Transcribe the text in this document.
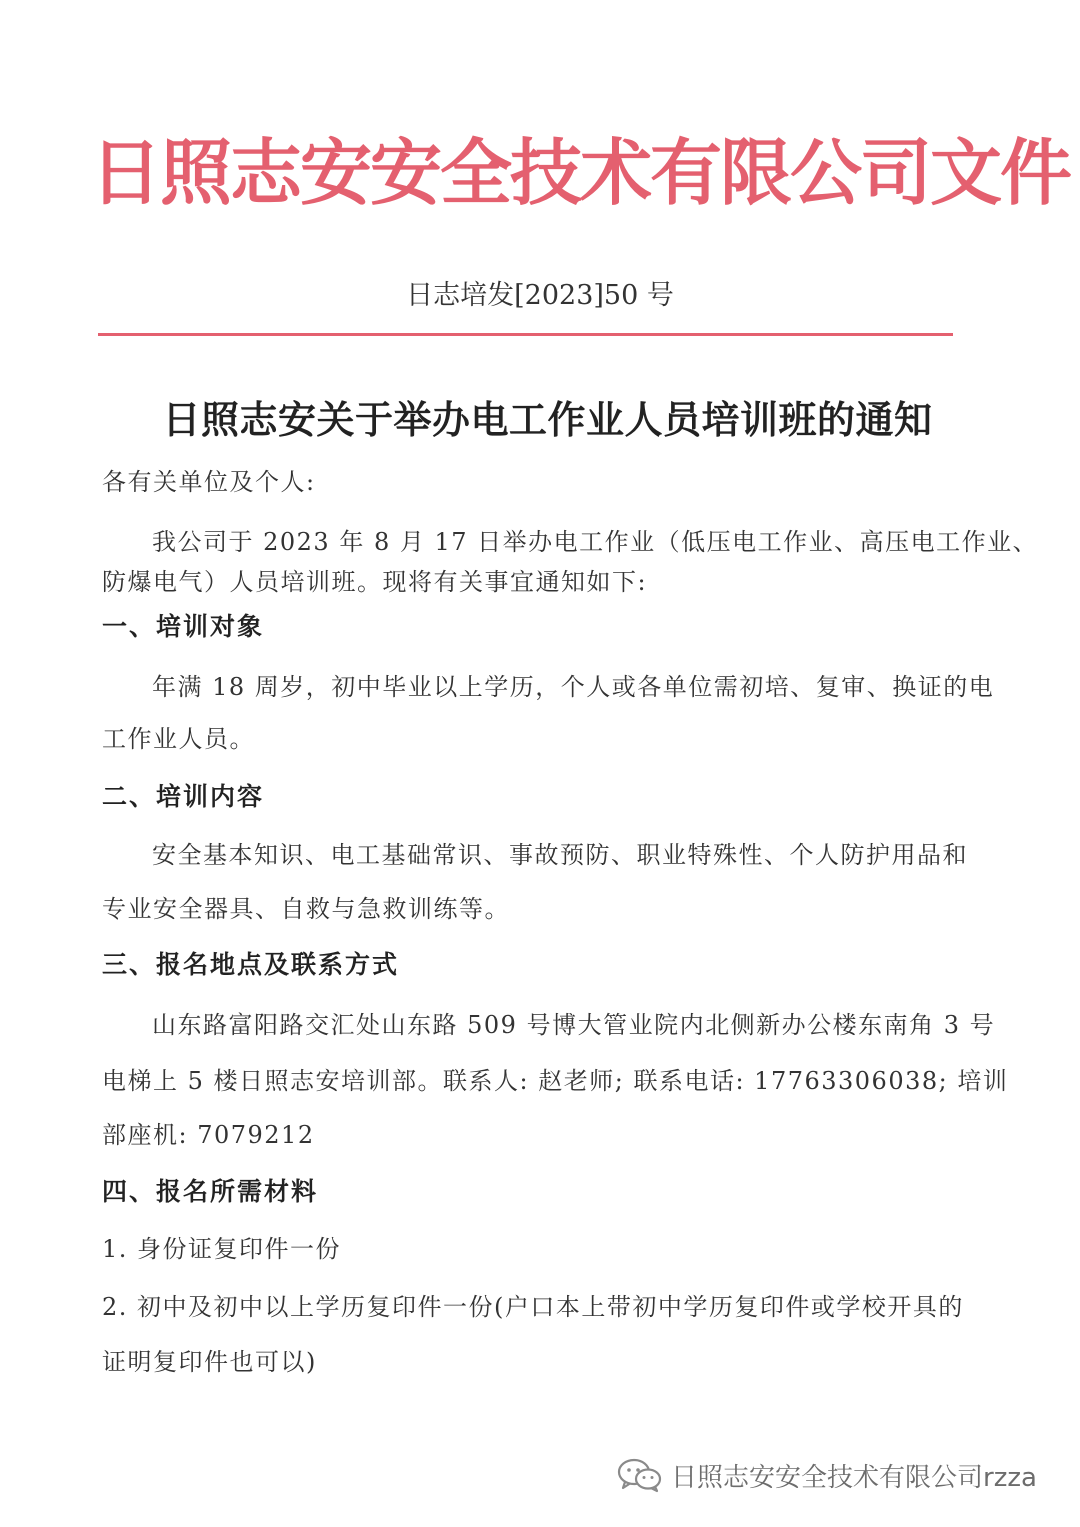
日照志安安全技术有限公司文件
日志培发[2023]50 号
日照志安关于举办电工作业人员培训班的通知
各有关单位及个人:
我公司于 2023 年 8 月 17 日举办电工作业（低压电工作业、高压电工作业、
防爆电气）人员培训班。现将有关事宜通知如下:
一、培训对象
年满 18 周岁，初中毕业以上学历，个人或各单位需初培、复审、换证的电
工作业人员。
二、培训内容
安全基本知识、电工基础常识、事故预防、职业特殊性、个人防护用品和
专业安全器具、自救与急救训练等。
三、报名地点及联系方式
山东路富阳路交汇处山东路 509 号博大管业院内北侧新办公楼东南角 3 号
电梯上 5 楼日照志安培训部。联系人: 赵老师; 联系电话: 17763306038; 培训
部座机: 7079212
四、报名所需材料
1. 身份证复印件一份
2. 初中及初中以上学历复印件一份(户口本上带初中学历复印件或学校开具的
证明复印件也可以)
日照志安安全技术有限公司rzza
